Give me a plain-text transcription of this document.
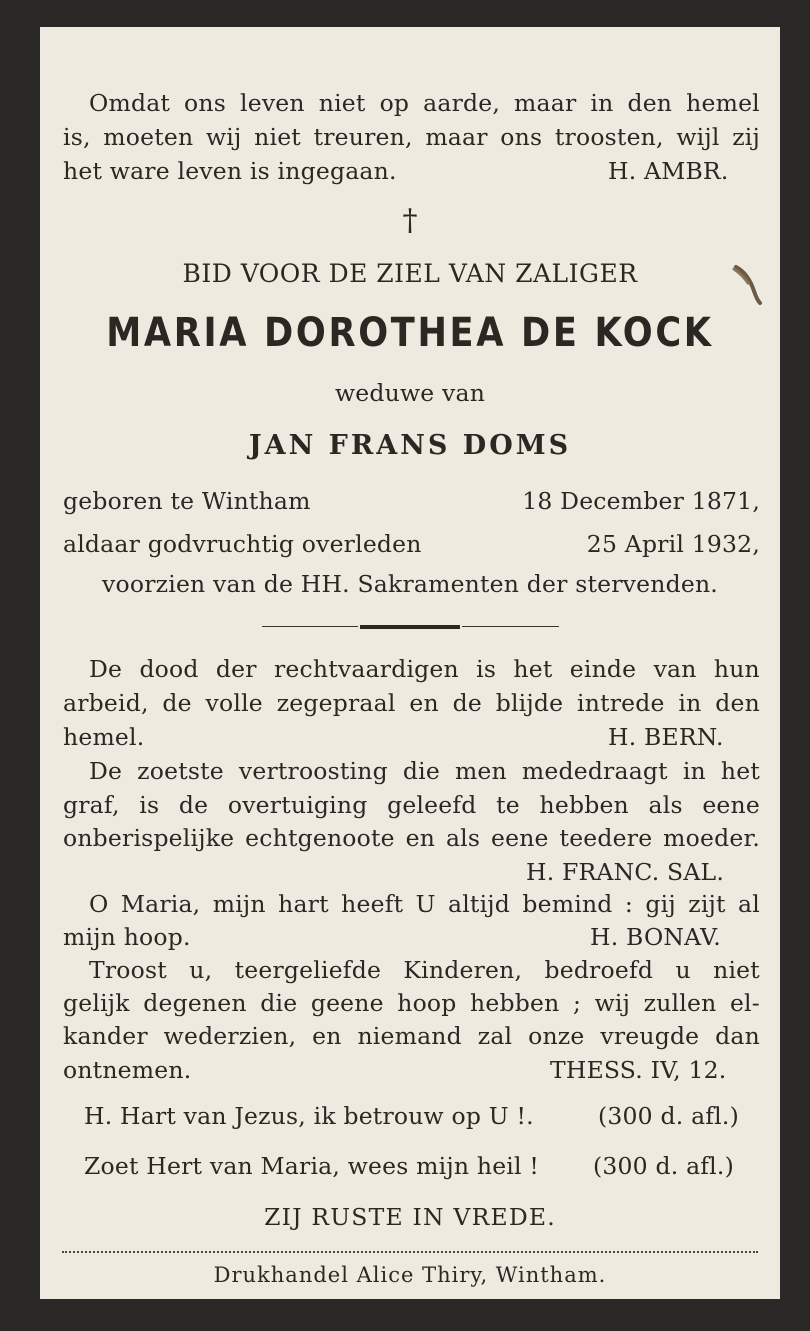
Omdat ons leven niet op aarde, maar in den hemel
is, moeten wij niet treuren, maar ons troosten, wijl zij
het ware leven is ingegaan.	H. AMBR.
†
BID VOOR DE ZIEL VAN ZALIGER
MARIA DOROTHEA DE KOCK
weduwe van
JAN FRANS DOMS
geboren te Wintham	18 December 1871,
aldaar godvruchtig overleden	25 April 1932,
voorzien van de HH. Sakramenten der stervenden.
De dood der rechtvaardigen is het einde van hun
arbeid, de volle zegepraal en de blijde intrede in den
hemel.	H. BERN.
De zoetste vertroosting die men mededraagt in het
graf, is de overtuiging geleefd te hebben als eene
onberispelijke echtgenoote en als eene teedere moeder.
H. FRANC. SAL.
O Maria, mijn hart heeft U altijd bemind : gij zijt al
mijn hoop.	H. BONAV.
Troost u, teergeliefde Kinderen, bedroefd u niet
gelijk degenen die geene hoop hebben ; wij zullen el-
kander wederzien, en niemand zal onze vreugde dan
ontnemen.	THESS. IV, 12.
H. Hart van Jezus, ik betrouw op U !.	(300 d. afl.)
Zoet Hert van Maria, wees mijn heil ! (300 d. afl.)
ZIJ RUSTE IN VREDE.
Drukhandel Alice Thiry, Wintham.
